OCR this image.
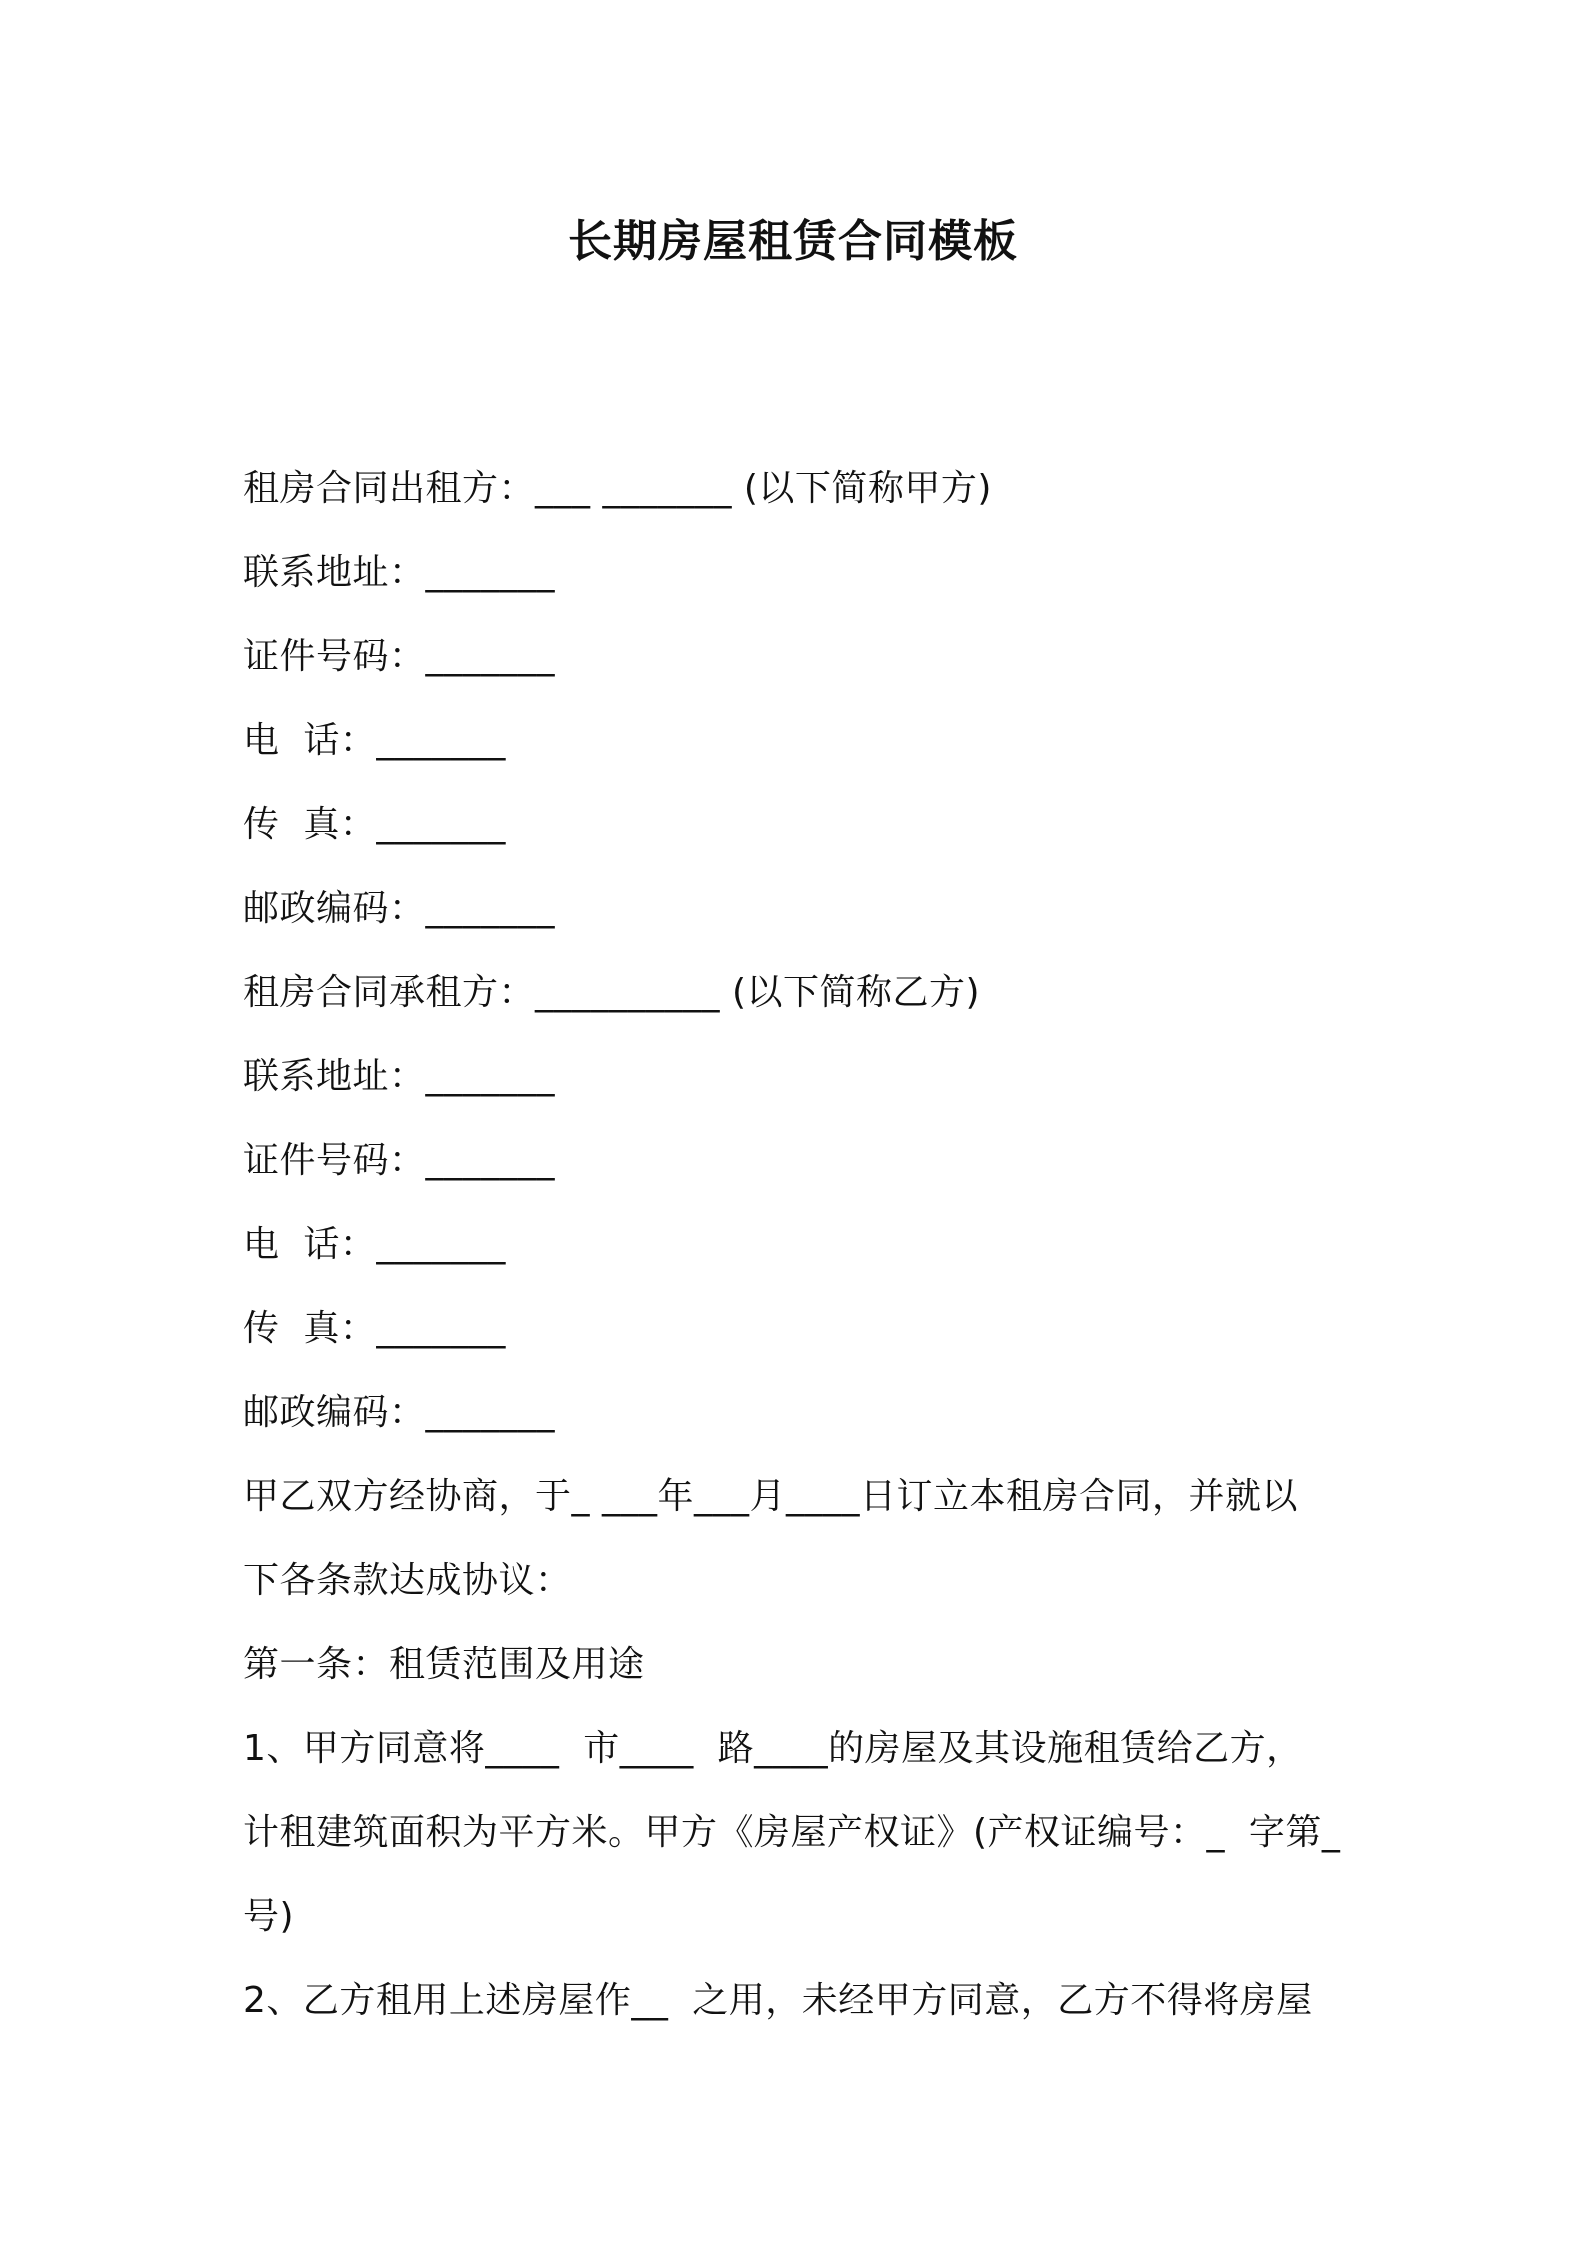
长期房屋租赁合同模板
租房合同出租方：___ _______ (以下简称甲方)
联系地址：_______
证件号码：_______
电  话：_______
传  真：_______
邮政编码：_______
租房合同承租方：__________ (以下简称乙方)
联系地址：_______
证件号码：_______
电  话：_______
传  真：_______
邮政编码：_______
甲乙双方经协商，于_ ___年___月____日订立本租房合同，并就以
下各条款达成协议：
第一条：租赁范围及用途
1、甲方同意将____  市____  路____的房屋及其设施租赁给乙方，
计租建筑面积为平方米。甲方《房屋产权证》(产权证编号：_  字第_
号)
2、乙方租用上述房屋作__  之用，未经甲方同意，乙方不得将房屋
